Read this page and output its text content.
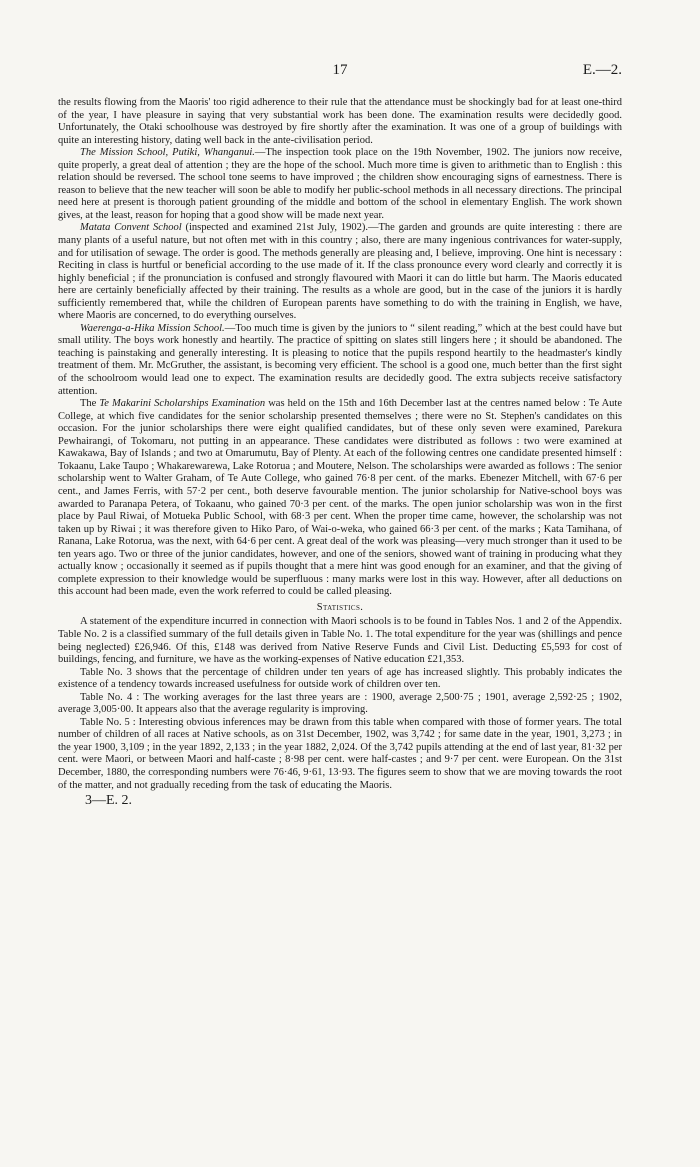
17	E.—2.

the results flowing from the Maoris' too rigid adherence to their rule that the attendance must be shockingly bad for at least one-third of the year, I have pleasure in saying that very substantial work has been done. The examination results were decidedly good. Unfortunately, the Otaki schoolhouse was destroyed by fire shortly after the examination. It was one of a group of buildings with quite an interesting history, dating well back in the ante-civilisation period.

The Mission School, Putiki, Whanganui.—The inspection took place on the 19th November, 1902. The juniors now receive, quite properly, a great deal of attention ; they are the hope of the school. Much more time is given to arithmetic than to English : this relation should be reversed. The school tone seems to have improved ; the children show encouraging signs of earnestness. There is reason to believe that the new teacher will soon be able to modify her public-school methods in all necessary directions. The principal need here at present is thorough patient grounding of the middle and bottom of the school in elementary English. The work shown gives, at the least, reason for hoping that a good show will be made next year.

Matata Convent School (inspected and examined 21st July, 1902).—The garden and grounds are quite interesting : there are many plants of a useful nature, but not often met with in this country ; also, there are many ingenious contrivances for water-supply, and for utilisation of sewage. The order is good. The methods generally are pleasing and, I believe, improving. One hint is necessary : Reciting in class is hurtful or beneficial according to the use made of it. If the class pronounce every word clearly and correctly it is highly beneficial ; if the pronunciation is confused and strongly flavoured with Maori it can do little but harm. The Maoris educated here are certainly beneficially affected by their training. The results as a whole are good, but in the case of the juniors it is hardly sufficiently remembered that, while the children of European parents have something to do with the training in English, we have, where Maoris are concerned, to do everything ourselves.

Waerenga-a-Hika Mission School.—Too much time is given by the juniors to “ silent reading,” which at the best could have but small utility. The boys work honestly and heartily. The practice of spitting on slates still lingers here ; it should be abandoned. The teaching is painstaking and generally interesting. It is pleasing to notice that the pupils respond heartily to the headmaster's kindly treatment of them. Mr. McGruther, the assistant, is becoming very efficient. The school is a good one, much better than the first sight of the schoolroom would lead one to expect. The examination results are decidedly good. The extra subjects receive satisfactory attention.

The Te Makarini Scholarships Examination was held on the 15th and 16th December last at the centres named below : Te Aute College, at which five candidates for the senior scholarship presented themselves ; there were no St. Stephen's candidates on this occasion. For the junior scholarships there were eight qualified candidates, but of these only seven were examined, Parekura Pewhairangi, of Tokomaru, not putting in an appearance. These candidates were distributed as follows : two were examined at Kawakawa, Bay of Islands ; and two at Omarumutu, Bay of Plenty. At each of the following centres one candidate presented himself : Tokaanu, Lake Taupo ; Whakarewarewa, Lake Rotorua ; and Moutere, Nelson. The scholarships were awarded as follows : The senior scholarship went to Walter Graham, of Te Aute College, who gained 76·8 per cent. of the marks. Ebenezer Mitchell, with 67·6 per cent., and James Ferris, with 57·2 per cent., both deserve favourable mention. The junior scholarship for Native-school boys was awarded to Paranapa Petera, of Tokaanu, who gained 70·3 per cent. of the marks. The open junior scholarship was won in the first place by Paul Riwai, of Motueka Public School, with 68·3 per cent. When the proper time came, however, the scholarship was not taken up by Riwai ; it was therefore given to Hiko Paro, of Wai-o-weka, who gained 66·3 per cent. of the marks ; Kata Tamihana, of Ranana, Lake Rotorua, was the next, with 64·6 per cent. A great deal of the work was pleasing—very much stronger than it used to be ten years ago. Two or three of the junior candidates, however, and one of the seniors, showed want of training in producing what they actually know ; occasionally it seemed as if pupils thought that a mere hint was good enough for an examiner, and that the giving of complete expression to their knowledge would be superfluous : many marks were lost in this way. However, after all deductions on this account had been made, even the work referred to could be called pleasing.

Statistics.

A statement of the expenditure incurred in connection with Maori schools is to be found in Tables Nos. 1 and 2 of the Appendix. Table No. 2 is a classified summary of the full details given in Table No. 1. The total expenditure for the year was (shillings and pence being neglected) £26,946. Of this, £148 was derived from Native Reserve Funds and Civil List. Deducting £5,593 for cost of buildings, fencing, and furniture, we have as the working-expenses of Native education £21,353.

Table No. 3 shows that the percentage of children under ten years of age has increased slightly. This probably indicates the existence of a tendency towards increased usefulness for outside work of children over ten.

Table No. 4 : The working averages for the last three years are : 1900, average 2,500·75 ; 1901, average 2,592·25 ; 1902, average 3,005·00. It appears also that the average regularity is improving.

Table No. 5 : Interesting obvious inferences may be drawn from this table when compared with those of former years. The total number of children of all races at Native schools, as on 31st December, 1902, was 3,742 ; for same date in the year, 1901, 3,273 ; in the year 1900, 3,109 ; in the year 1892, 2,133 ; in the year 1882, 2,024. Of the 3,742 pupils attending at the end of last year, 81·32 per cent. were Maori, or between Maori and half-caste ; 8·98 per cent. were half-castes ; and 9·7 per cent. were European. On the 31st December, 1880, the corresponding numbers were 76·46, 9·61, 13·93. The figures seem to show that we are moving towards the root of the matter, and not gradually receding from the task of educating the Maoris.

3—E. 2.
